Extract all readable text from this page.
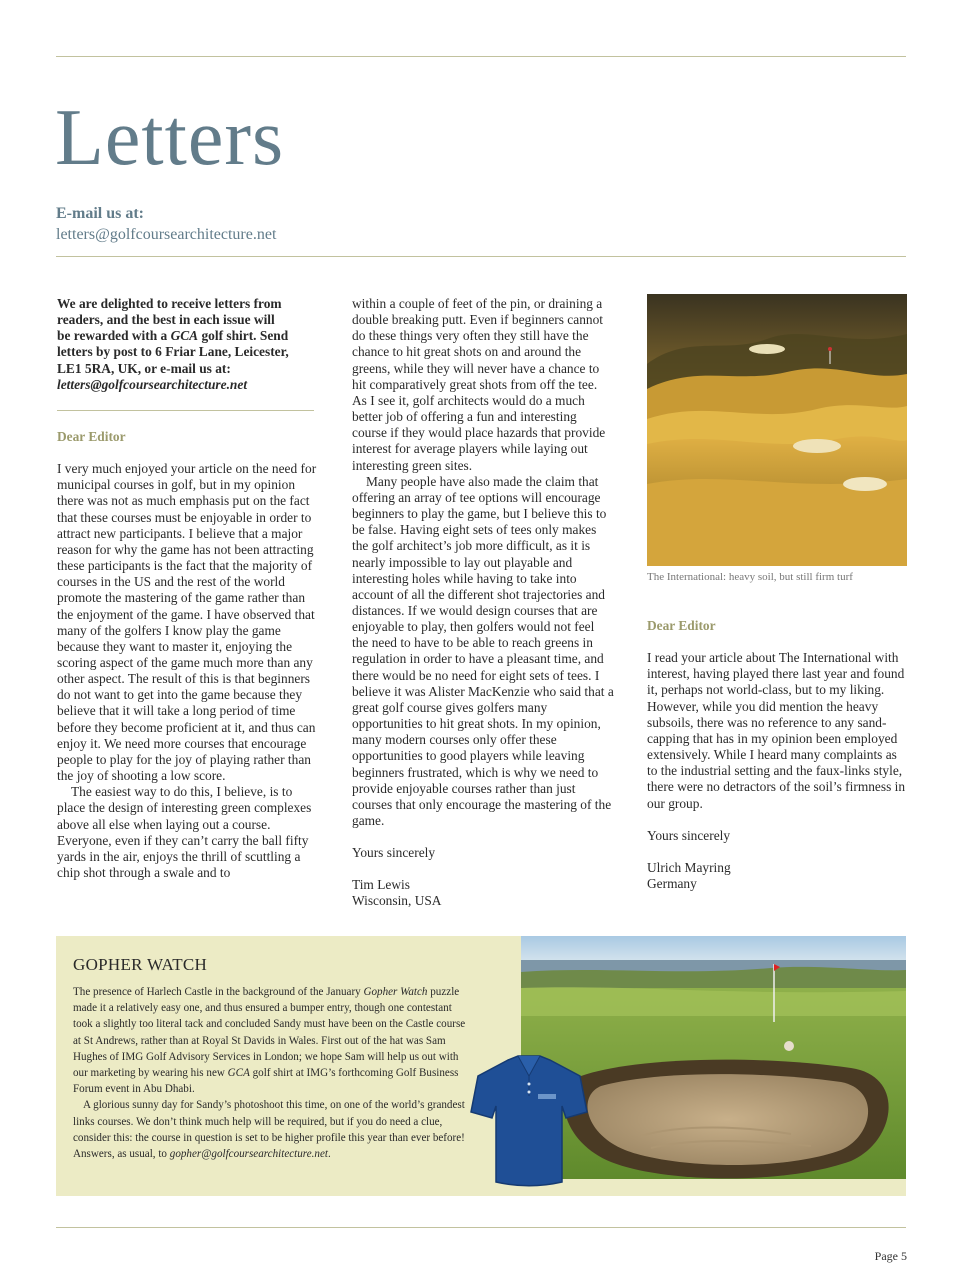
Letters
E-mail us at:
letters@golfcoursearchitecture.net
We are delighted to receive letters from
readers, and the best in each issue will
be rewarded with a GCA golf shirt. Send
letters by post to 6 Friar Lane, Leicester,
LE1 5RA, UK, or e-mail us at:
letters@golfcoursearchitecture.net
Dear Editor

I very much enjoyed your article on the need for municipal courses in golf, but in my opinion there was not as much emphasis put on the fact that these courses must be enjoyable in order to attract new participants. I believe that a major reason for why the game has not been attracting these participants is the fact that the majority of courses in the US and the rest of the world promote the mastering of the game rather than the enjoyment of the game. I have observed that many of the golfers I know play the game because they want to master it, enjoying the scoring aspect of the game much more than any other aspect. The result of this is that beginners do not want to get into the game because they believe that it will take a long period of time before they become proficient at it, and thus can enjoy it. We need more courses that encourage people to play for the joy of playing rather than the joy of shooting a low score.

The easiest way to do this, I believe, is to place the design of interesting green complexes above all else when laying out a course. Everyone, even if they can’t carry the ball fifty yards in the air, enjoys the thrill of scuttling a chip shot through a swale and to

within a couple of feet of the pin, or draining a double breaking putt. Even if beginners cannot do these things very often they still have the chance to hit great shots on and around the greens, while they will never have a chance to hit comparatively great shots from off the tee. As I see it, golf architects would do a much better job of offering a fun and interesting course if they would place hazards that provide interest for average players while laying out interesting green sites.

Many people have also made the claim that offering an array of tee options will encourage beginners to play the game, but I believe this to be false. Having eight sets of tees only makes the golf architect’s job more difficult, as it is nearly impossible to lay out playable and interesting holes while having to take into account of all the different shot trajectories and distances. If we would design courses that are enjoyable to play, then golfers would not feel the need to have to be able to reach greens in regulation in order to have a pleasant time, and there would be no need for eight sets of tees. I believe it was Alister MacKenzie who said that a great golf course gives golfers many opportunities to hit great shots. In my opinion, many modern courses only offer these opportunities to good players while leaving beginners frustrated, which is why we need to provide enjoyable courses rather than just courses that only encourage the mastering of the game.

Yours sincerely
Tim Lewis
Wisconsin, USA
The International: heavy soil, but still firm turf
Dear Editor

I read your article about The International with interest, having played there last year and found it, perhaps not world-class, but to my liking. However, while you did mention the heavy subsoils, there was no reference to any sand-capping that has in my opinion been employed extensively. While I heard many complaints as to the industrial setting and the faux-links style, there were no detractors of the soil’s firmness in our group.

Yours sincerely
Ulrich Mayring
Germany
GOPHER WATCH

The presence of Harlech Castle in the background of the January Gopher Watch puzzle made it a relatively easy one, and thus ensured a bumper entry, though one contestant took a slightly too literal tack and concluded Sandy must have been on the Castle course at St Andrews, rather than at Royal St Davids in Wales. First out of the hat was Sam Hughes of IMG Golf Advisory Services in London; we hope Sam will help us out with our marketing by wearing his new GCA golf shirt at IMG’s forthcoming Golf Business Forum event in Abu Dhabi.

A glorious sunny day for Sandy’s photoshoot this time, on one of the world’s grandest links courses. We don’t think much help will be required, but if you do need a clue, consider this: the course in question is set to be higher profile this year than ever before! Answers, as usual, to gopher@golfcoursearchitecture.net.

Page 5
